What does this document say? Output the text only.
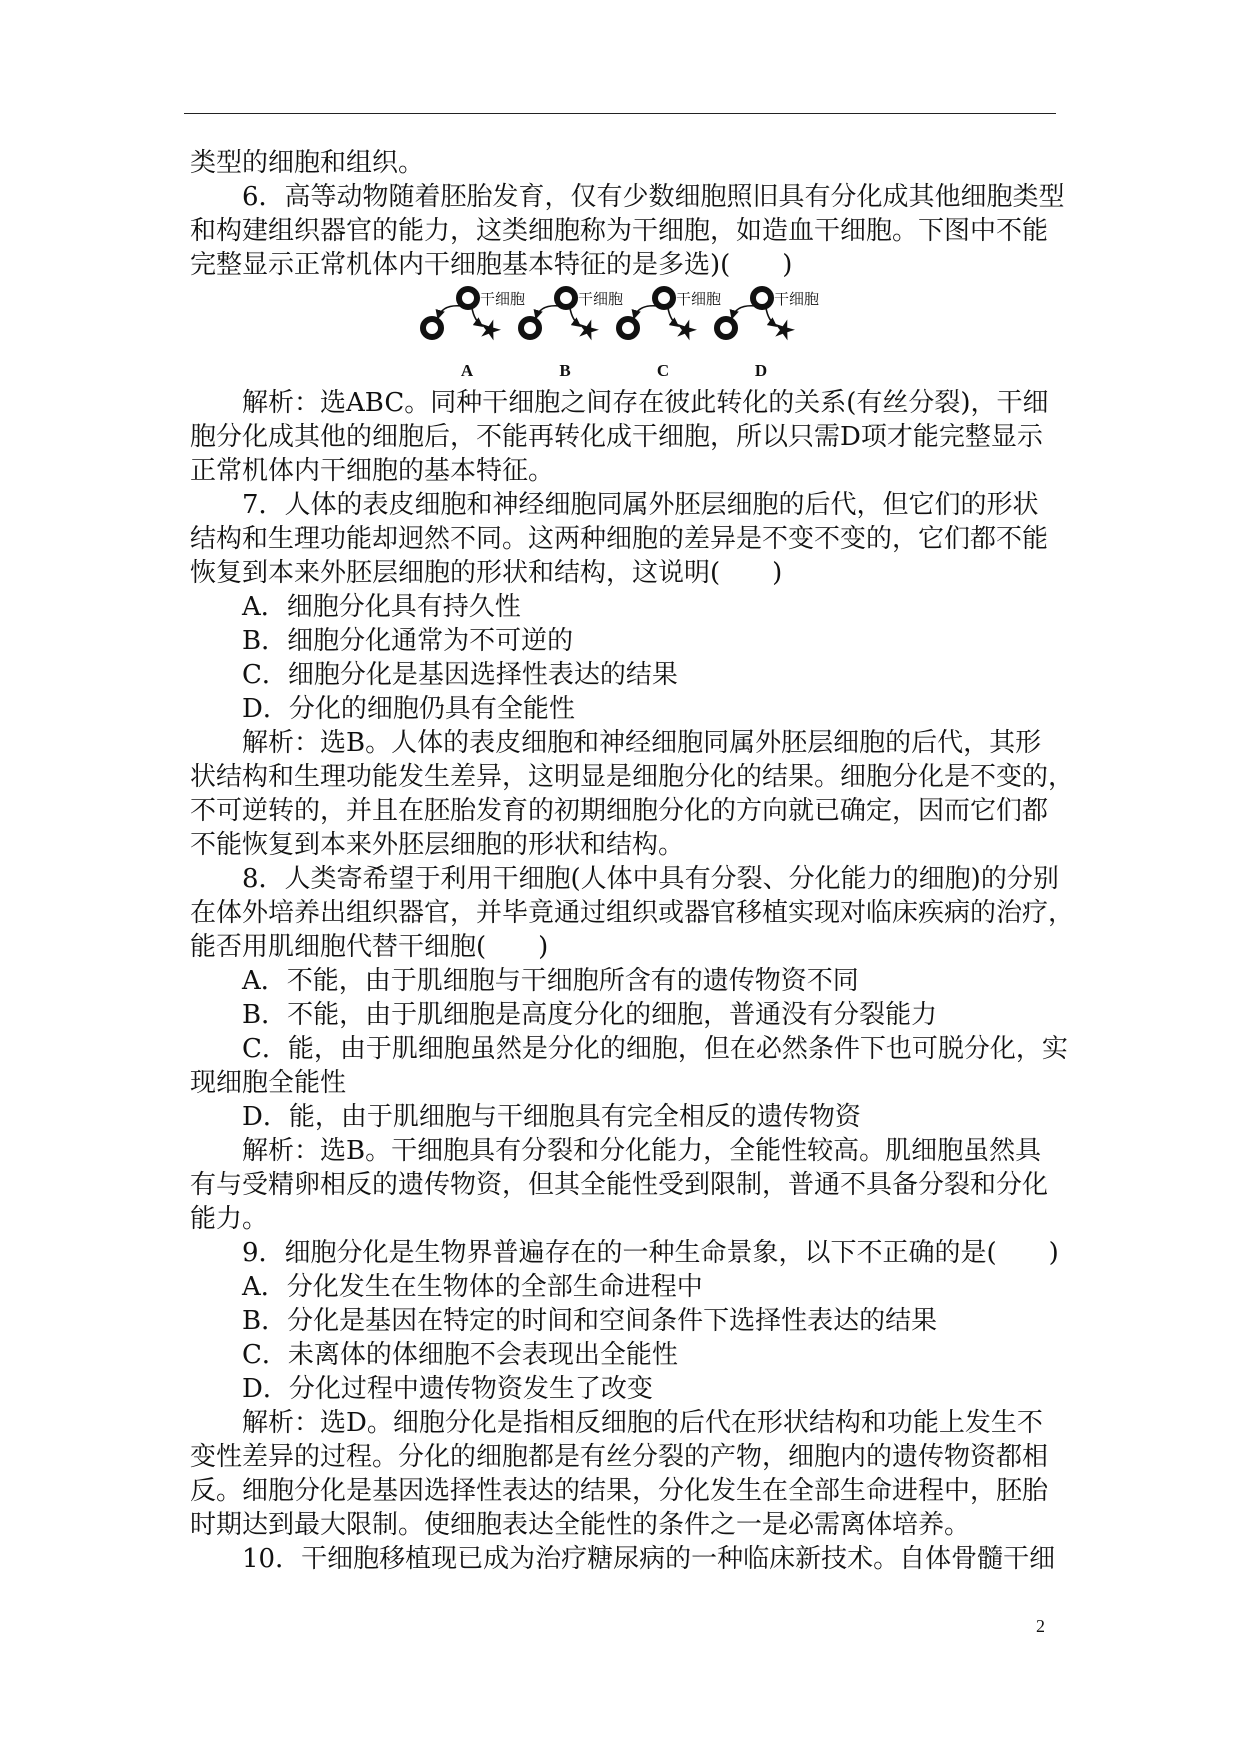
类型的细胞和组织。
6．高等动物随着胚胎发育，仅有少数细胞照旧具有分化成其他细胞类型
和构建组织器官的能力，这类细胞称为干细胞，如造血干细胞。下图中不能
完整显示正常机体内干细胞基本特征的是多选)(　　)
干细胞
A
干细胞
B
干细胞
C
干细胞
D
解析：选ABC。同种干细胞之间存在彼此转化的关系(有丝分裂)，干细
胞分化成其他的细胞后，不能再转化成干细胞，所以只需D项才能完整显示
正常机体内干细胞的基本特征。
7．人体的表皮细胞和神经细胞同属外胚层细胞的后代，但它们的形状
结构和生理功能却迥然不同。这两种细胞的差异是不变不变的，它们都不能
恢复到本来外胚层细胞的形状和结构，这说明(　　)
A．细胞分化具有持久性
B．细胞分化通常为不可逆的
C．细胞分化是基因选择性表达的结果
D．分化的细胞仍具有全能性
解析：选B。人体的表皮细胞和神经细胞同属外胚层细胞的后代，其形
状结构和生理功能发生差异，这明显是细胞分化的结果。细胞分化是不变的，
不可逆转的，并且在胚胎发育的初期细胞分化的方向就已确定，因而它们都
不能恢复到本来外胚层细胞的形状和结构。
8．人类寄希望于利用干细胞(人体中具有分裂、分化能力的细胞)的分别
在体外培养出组织器官，并毕竟通过组织或器官移植实现对临床疾病的治疗，
能否用肌细胞代替干细胞(　　)
A．不能，由于肌细胞与干细胞所含有的遗传物资不同
B．不能，由于肌细胞是高度分化的细胞，普通没有分裂能力
C．能，由于肌细胞虽然是分化的细胞，但在必然条件下也可脱分化，实
现细胞全能性
D．能，由于肌细胞与干细胞具有完全相反的遗传物资
解析：选B。干细胞具有分裂和分化能力，全能性较高。肌细胞虽然具
有与受精卵相反的遗传物资，但其全能性受到限制，普通不具备分裂和分化
能力。
9．细胞分化是生物界普遍存在的一种生命景象，以下不正确的是(　　)
A．分化发生在生物体的全部生命进程中
B．分化是基因在特定的时间和空间条件下选择性表达的结果
C．未离体的体细胞不会表现出全能性
D．分化过程中遗传物资发生了改变
解析：选D。细胞分化是指相反细胞的后代在形状结构和功能上发生不
变性差异的过程。分化的细胞都是有丝分裂的产物，细胞内的遗传物资都相
反。细胞分化是基因选择性表达的结果，分化发生在全部生命进程中，胚胎
时期达到最大限制。使细胞表达全能性的条件之一是必需离体培养。
10．干细胞移植现已成为治疗糖尿病的一种临床新技术。自体骨髓干细
2
